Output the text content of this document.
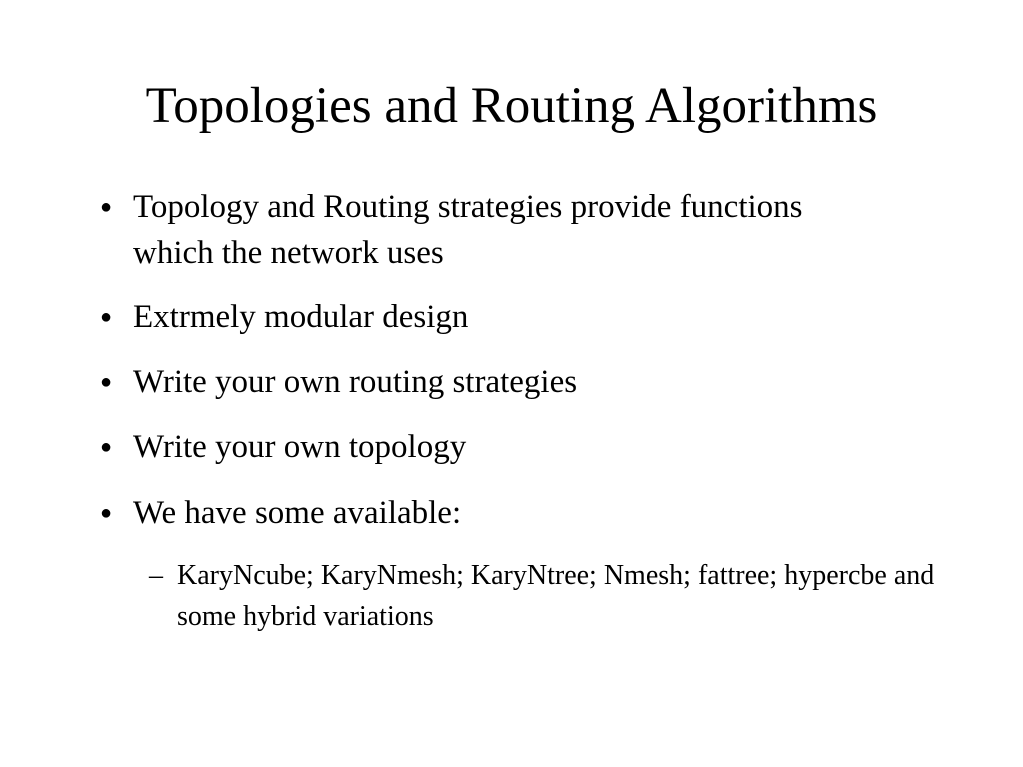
Topologies and Routing Algorithms
● Topology and Routing strategies provide functions which the network uses
● Extrmely modular design
● Write your own routing strategies
● Write your own topology
● We have some available:
– KaryNcube; KaryNmesh; KaryNtree; Nmesh; fattree; hypercbe and some hybrid variations
